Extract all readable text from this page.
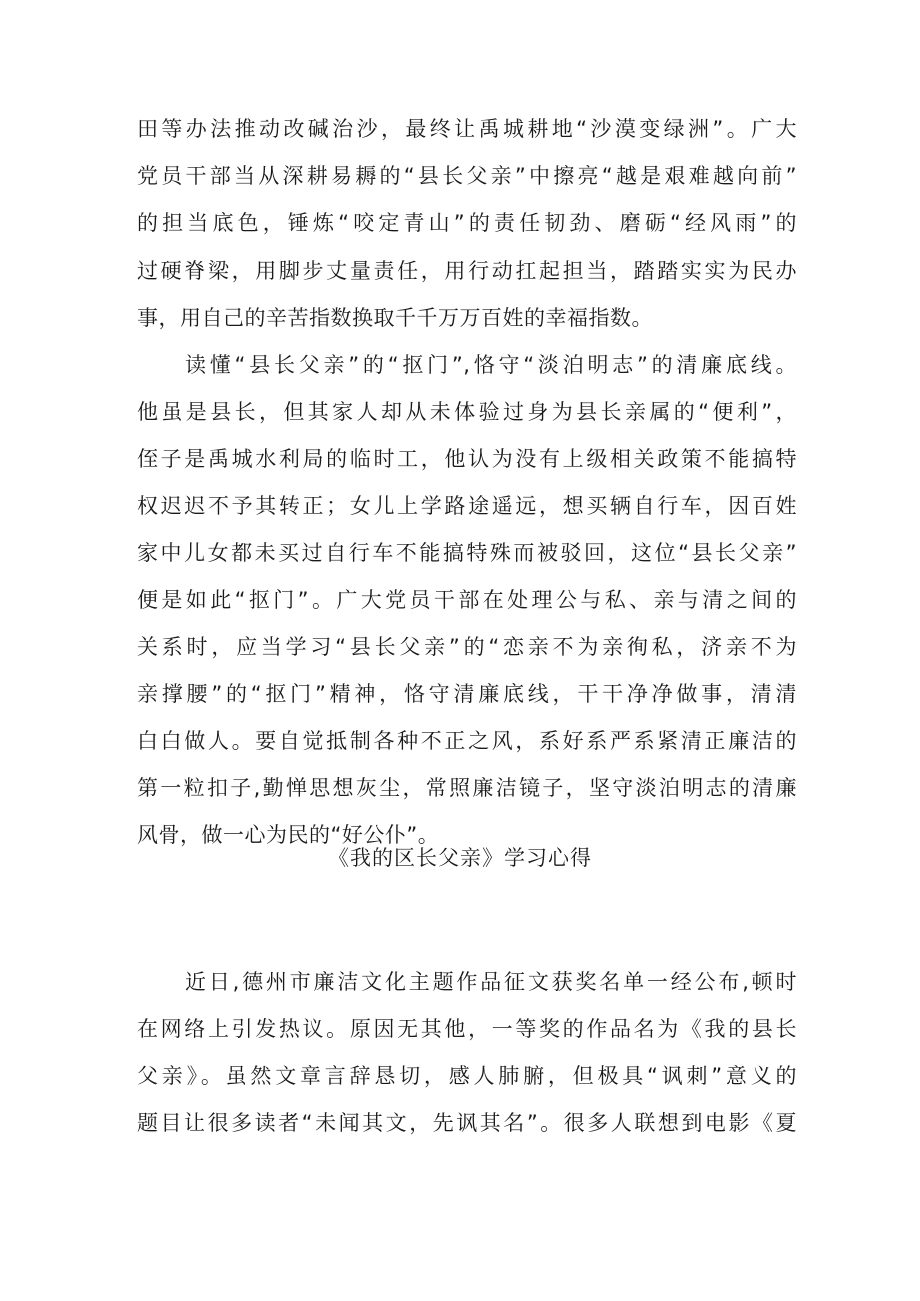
田等办法推动改碱治沙，最终让禹城耕地“沙漠变绿洲”。广大
党员干部当从深耕易耨的“县长父亲”中擦亮“越是艰难越向前”
的担当底色，锤炼“咬定青山”的责任韧劲、磨砺“经风雨”的
过硬脊梁，用脚步丈量责任，用行动扛起担当，踏踏实实为民办
事，用自己的辛苦指数换取千千万万百姓的幸福指数。
读懂“县长父亲”的“抠门”,恪守“淡泊明志”的清廉底线。
他虽是县长，但其家人却从未体验过身为县长亲属的“便利”，
侄子是禹城水利局的临时工，他认为没有上级相关政策不能搞特
权迟迟不予其转正；女儿上学路途遥远，想买辆自行车，因百姓
家中儿女都未买过自行车不能搞特殊而被驳回，这位“县长父亲”
便是如此“抠门”。广大党员干部在处理公与私、亲与清之间的
关系时，应当学习“县长父亲”的“恋亲不为亲徇私，济亲不为
亲撑腰”的“抠门”精神，恪守清廉底线，干干净净做事，清清
白白做人。要自觉抵制各种不正之风，系好系严系紧清正廉洁的
第一粒扣子,勤惮思想灰尘，常照廉洁镜子，坚守淡泊明志的清廉
风骨，做一心为民的“好公仆”。
《我的区长父亲》学习心得
近日,德州市廉洁文化主题作品征文获奖名单一经公布,顿时
在网络上引发热议。原因无其他，一等奖的作品名为《我的县长
父亲》。虽然文章言辞恳切，感人肺腑，但极具“讽刺”意义的
题目让很多读者“未闻其文，先讽其名”。很多人联想到电影《夏
